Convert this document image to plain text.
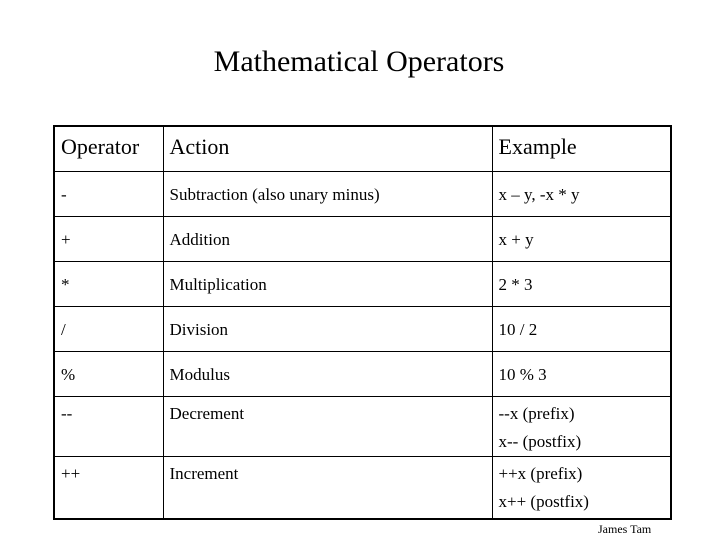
Mathematical Operators
Operator	Action	Example
-	Subtraction (also unary minus)	x – y, -x * y

+	Addition	x + y

*	Multiplication	2 * 3

/	Division	10 / 2

%	Modulus	10 % 3

--	Decrement	--x (prefix)
x-- (postfix)

++	Increment	++x (prefix)
x++ (postfix)
James Tam
